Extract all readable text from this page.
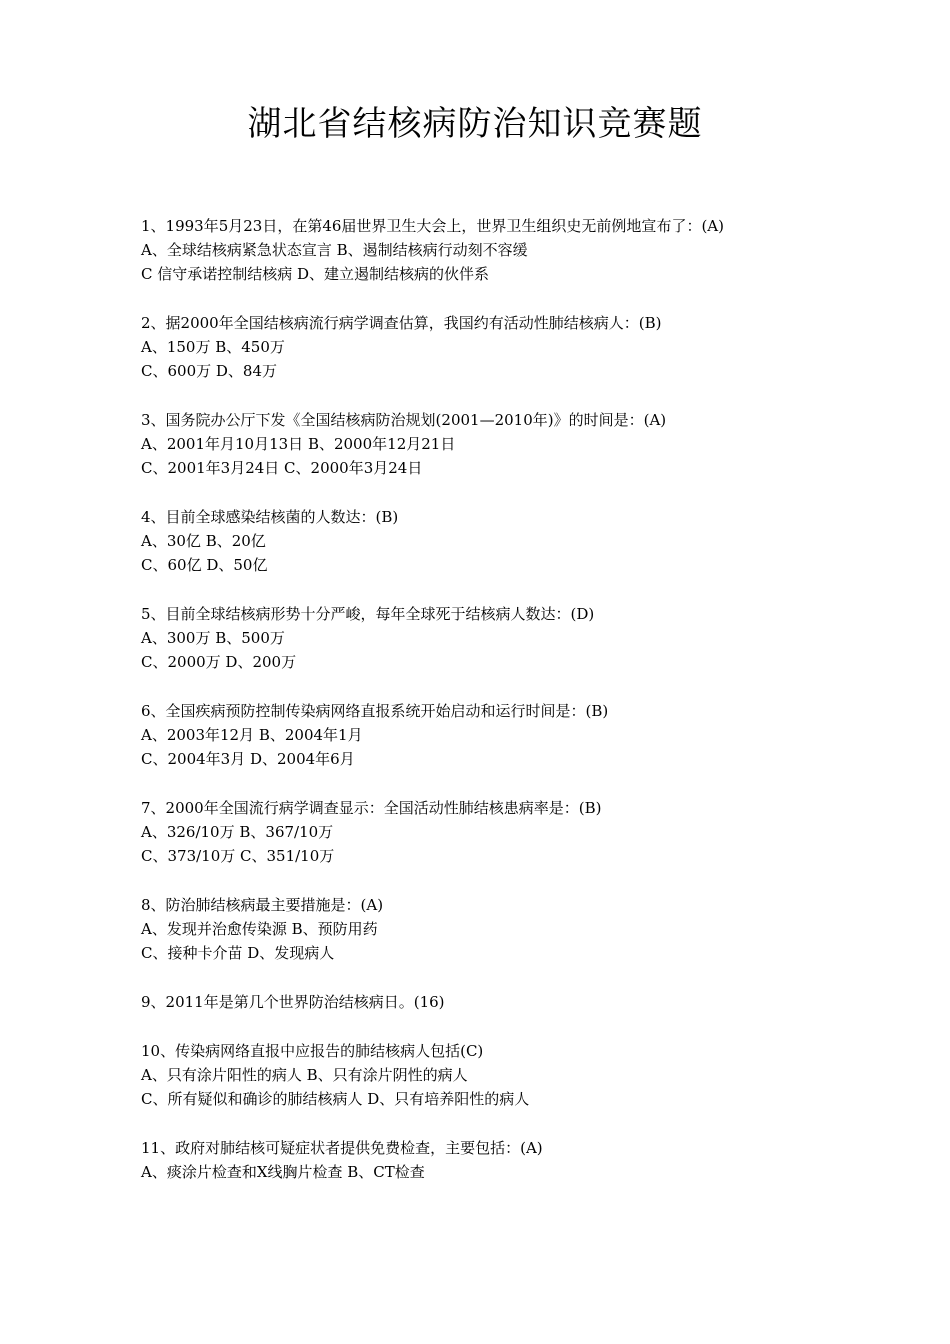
湖北省结核病防治知识竞赛题
1、1993年5月23日，在第46届世界卫生大会上，世界卫生组织史无前例地宣布了：(A)
A、全球结核病紧急状态宣言 B、遏制结核病行动刻不容缓
C 信守承诺控制结核病 D、建立遏制结核病的伙伴系
2、据2000年全国结核病流行病学调查估算，我国约有活动性肺结核病人：(B)
A、150万 B、450万
C、600万 D、84万
3、国务院办公厅下发《全国结核病防治规划(2001—2010年)》的时间是：(A)
A、2001年月10月13日 B、2000年12月21日
C、2001年3月24日 C、2000年3月24日
4、目前全球感染结核菌的人数达：(B)
A、30亿 B、20亿
C、60亿 D、50亿
5、目前全球结核病形势十分严峻，每年全球死于结核病人数达：(D)
A、300万 B、500万
C、2000万 D、200万
6、全国疾病预防控制传染病网络直报系统开始启动和运行时间是：(B)
A、2003年12月 B、2004年1月
C、2004年3月 D、2004年6月
7、2000年全国流行病学调查显示：全国活动性肺结核患病率是：(B)
A、326/10万 B、367/10万
C、373/10万 C、351/10万
8、防治肺结核病最主要措施是：(A)
A、发现并治愈传染源 B、预防用药
C、接种卡介苗 D、发现病人
9、2011年是第几个世界防治结核病日。(16)
10、传染病网络直报中应报告的肺结核病人包括(C)
A、只有涂片阳性的病人 B、只有涂片阴性的病人
C、所有疑似和确诊的肺结核病人 D、只有培养阳性的病人
11、政府对肺结核可疑症状者提供免费检查，主要包括：(A)
A、痰涂片检查和X线胸片检查 B、CT检查
